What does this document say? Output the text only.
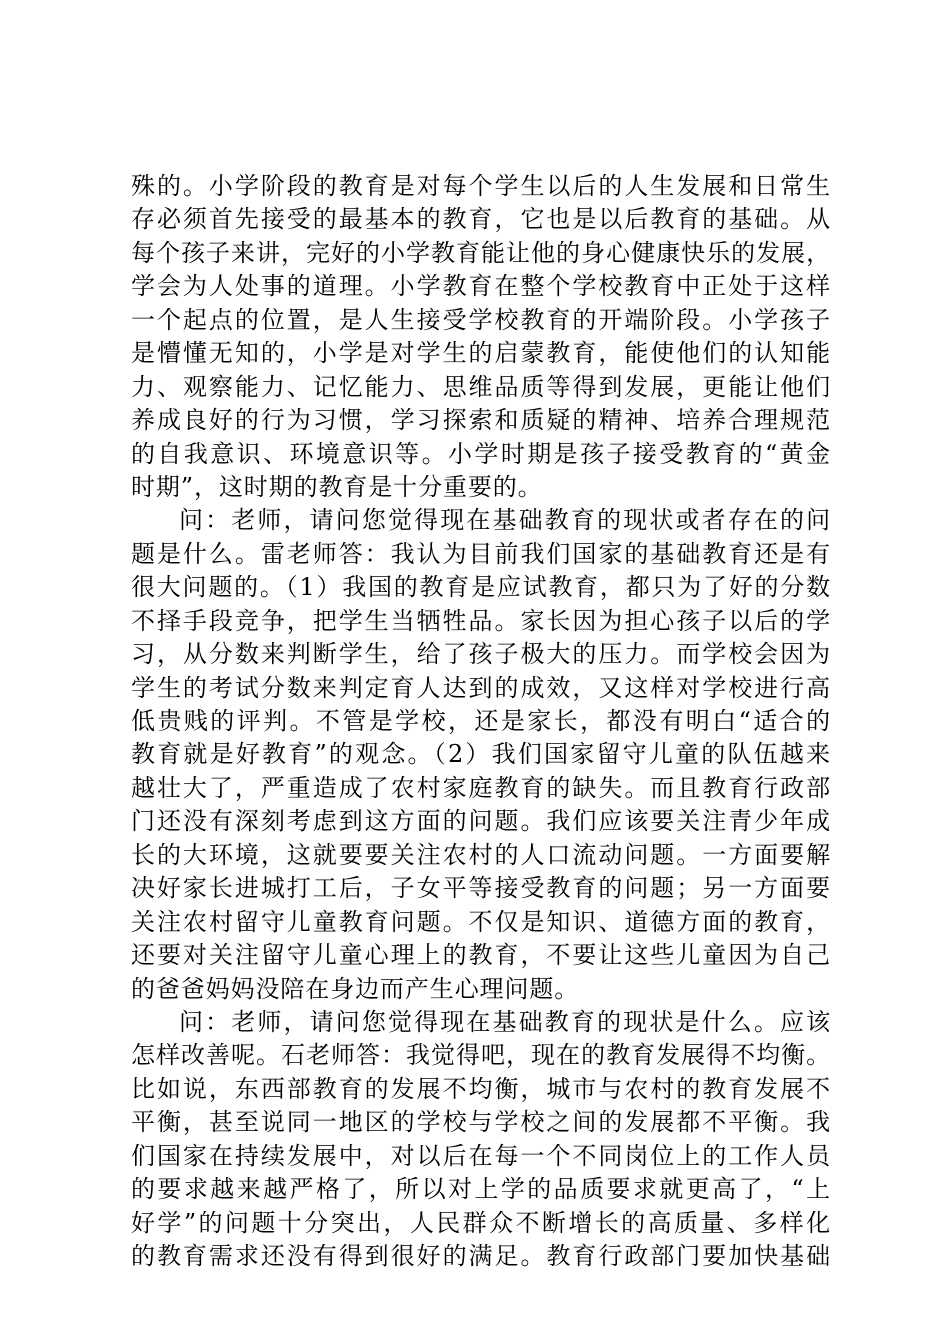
殊的。小学阶段的教育是对每个学生以后的人生发展和日常生
存必须首先接受的最基本的教育，它也是以后教育的基础。从
每个孩子来讲，完好的小学教育能让他的身心健康快乐的发展，
学会为人处事的道理。小学教育在整个学校教育中正处于这样
一个起点的位置，是人生接受学校教育的开端阶段。小学孩子
是懵懂无知的，小学是对学生的启蒙教育，能使他们的认知能
力、观察能力、记忆能力、思维品质等得到发展，更能让他们
养成良好的行为习惯，学习探索和质疑的精神、培养合理规范
的自我意识、环境意识等。小学时期是孩子接受教育的“黄金
时期”，这时期的教育是十分重要的。
问：老师，请问您觉得现在基础教育的现状或者存在的问
题是什么。雷老师答：我认为目前我们国家的基础教育还是有
很大问题的。（1）我国的教育是应试教育，都只为了好的分数
不择手段竞争，把学生当牺牲品。家长因为担心孩子以后的学
习，从分数来判断学生，给了孩子极大的压力。而学校会因为
学生的考试分数来判定育人达到的成效，又这样对学校进行高
低贵贱的评判。不管是学校，还是家长，都没有明白“适合的
教育就是好教育”的观念。（2）我们国家留守儿童的队伍越来
越壮大了，严重造成了农村家庭教育的缺失。而且教育行政部
门还没有深刻考虑到这方面的问题。我们应该要关注青少年成
长的大环境，这就要要关注农村的人口流动问题。一方面要解
决好家长进城打工后，子女平等接受教育的问题；另一方面要
关注农村留守儿童教育问题。不仅是知识、道德方面的教育，
还要对关注留守儿童心理上的教育，不要让这些儿童因为自己
的爸爸妈妈没陪在身边而产生心理问题。
问：老师，请问您觉得现在基础教育的现状是什么。应该
怎样改善呢。石老师答：我觉得吧，现在的教育发展得不均衡。
比如说，东西部教育的发展不均衡，城市与农村的教育发展不
平衡，甚至说同一地区的学校与学校之间的发展都不平衡。我
们国家在持续发展中，对以后在每一个不同岗位上的工作人员
的要求越来越严格了，所以对上学的品质要求就更高了，“上
好学”的问题十分突出，人民群众不断增长的高质量、多样化
的教育需求还没有得到很好的满足。教育行政部门要加快基础
